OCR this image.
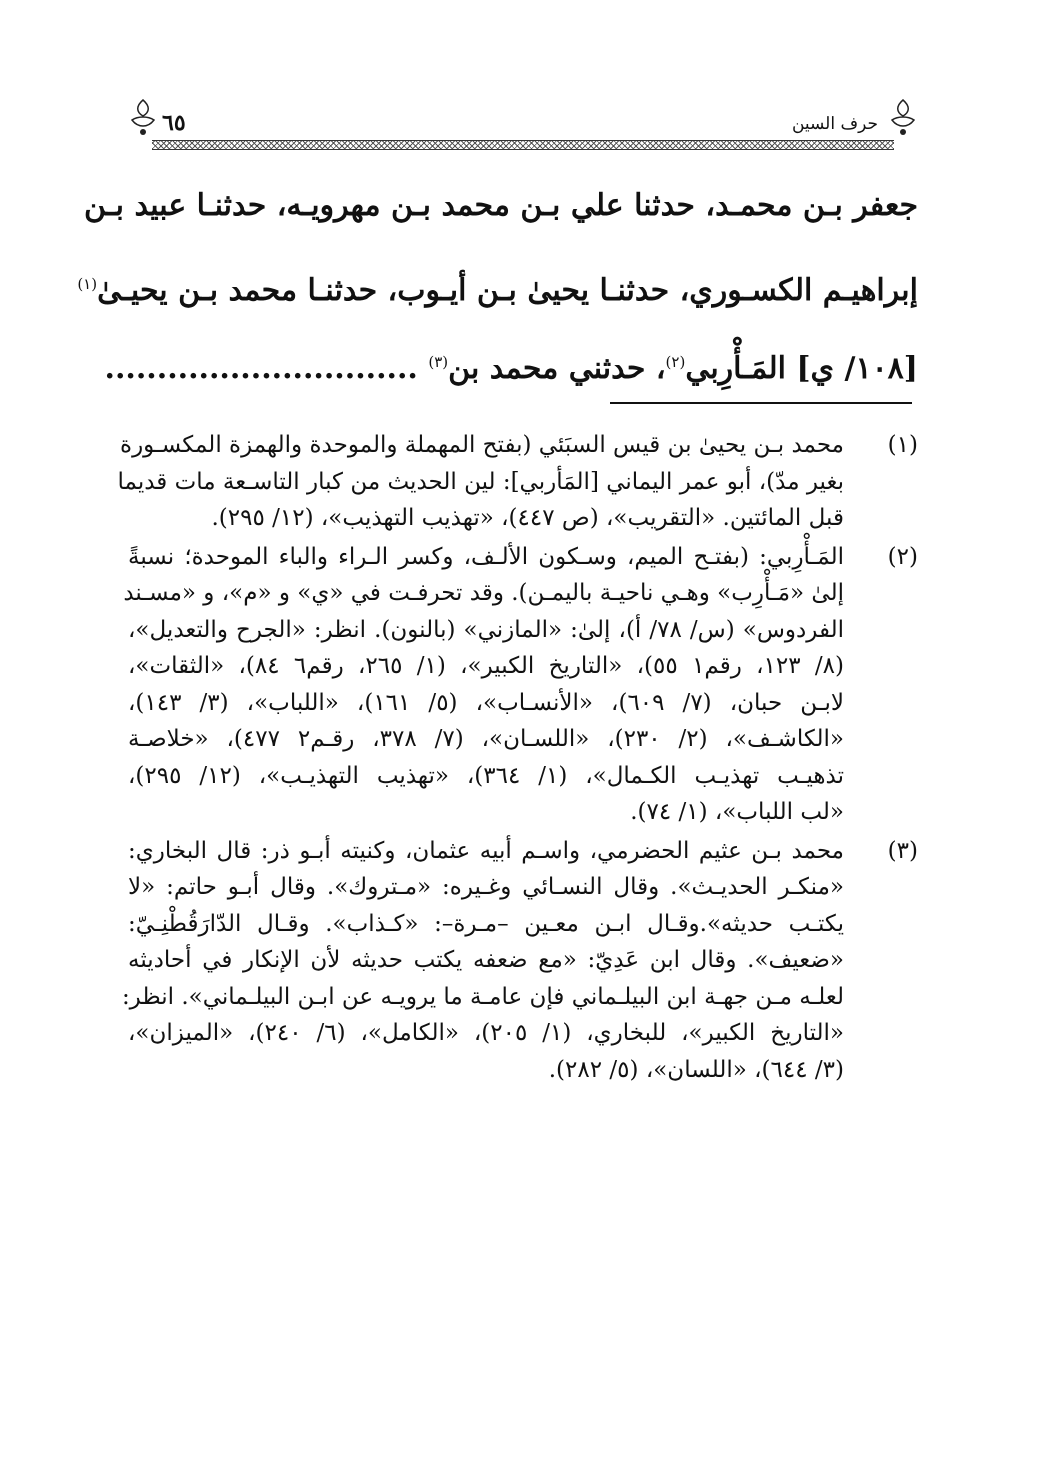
٦٥	حرف السين
جعفر بـن محمـد، حدثنا علي بـن محمد بـن مهرويـه، حدثنـا عبيد بـن
إبراهيـم الكسـوري، حدثنـا يحيىٰ بـن أيـوب، حدثنـا محمد بـن يحيـىٰ$^{(١)}$
[١٠٨/ ي] المَـأْرِبي$^{(٢)}$، حدثني محمد بن$^{(٣)}$ ..............................
(١)
محمد بـن يحيىٰ بن قيس السبَئي (بفتح المهملة والموحدة والهمزة المكسـورة
بغير مدّ)، أبو عمر اليماني [المَأربي]: لين الحديث من كبار التاسـعة مات قديما
قبل المائتين. «التقريب»، (ص ٤٤٧)، «تهذيب التهذيب»، (١٢/ ٢٩٥).
(٢)
المَـأْرِبي: (بفتـح الميم، وسـكون الألـف، وكسر الـراء والباء الموحدة؛ نسبةً
إلىٰ «مَـأْرِب» وهـي ناحيـة باليمـن). وقد تحرفـت في «ي» و «م»، و «مسـند
الفردوس» (س/ ٧٨/ أ)، إلىٰ: «المازني» (بالنون). انظر: «الجرح والتعديل»،
(٨/ ١٢٣، رقم١ ٥٥)، «التاريخ الكبير»، (١/ ٢٦٥، رقم٦ ٨٤)، «الثقات»،
لابـن حبان، (٧/ ٦٠٩)، «الأنسـاب»، (٥/ ١٦١)، «اللباب»، (٣/ ١٤٣)،
«الكاشـف»، (٢/ ٢٣٠)، «اللسـان»، (٧/ ٣٧٨، رقـم٢ ٤٧٧)، «خلاصـة
تذهيـب تهذيـب الكـمال»، (١/ ٣٦٤)، «تهذيب التهذيـب»، (١٢/ ٢٩٥)،
«لب اللباب»، (١/ ٧٤).
(٣)
محمد بـن عثيم الحضرمي، واسـم أبيه عثمان، وكنيته أبـو ذر: قال البخاري:
«منكـر الحديـث». وقال النسـائي وغـيره: «مـتروك». وقال أبـو حاتم: «لا
يكتـب حديثه».وقـال ابـن معـين –مـرة–: «كـذاب». وقـال الدّارَقُطْنِـيّ:
«ضعيف». وقال ابن عَدِيّ: «مع ضعفه يكتب حديثه لأن الإنكار في أحاديثه
لعلـه مـن جهـة ابن البيلـماني فإن عامـة ما يرويـه عن ابـن البيلـماني». انظر:
«التاريخ الكبير»، للبخاري، (١/ ٢٠٥)، «الكامل»، (٦/ ٢٤٠)، «الميزان»،
(٣/ ٦٤٤)، «اللسان»، (٥/ ٢٨٢).
